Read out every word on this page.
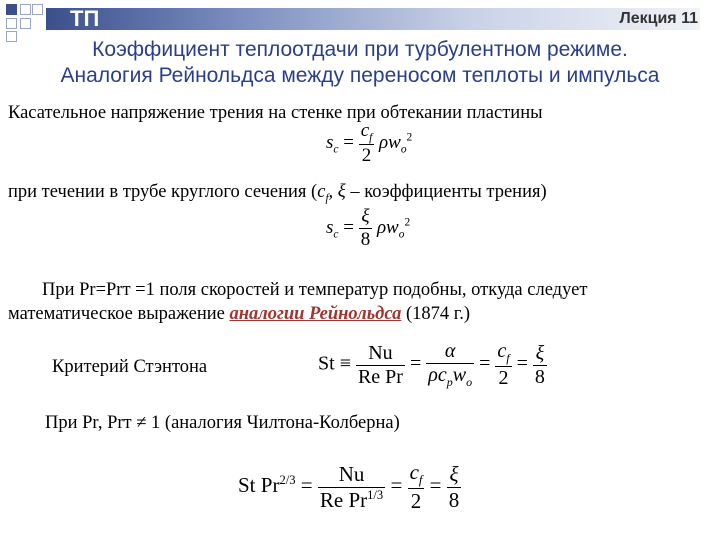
ТП	Лекция 11
Коэффициент теплоотдачи при турбулентном режиме.
Аналогия Рейнольдса между переносом теплоты и импульса
Касательное напряжение трения на стенке при обтекании пластины
$s_c = \frac{c_f}{2} \rho w_o^2$
при течении в трубе круглого сечения ($c_f$, ξ – коэффициенты трения)
$s_c = \frac{\xi}{8} \rho w_o^2$
При Pr=Prт =1 поля скоростей и температур подобны, откуда следует
математическое выражение аналогии Рейнольдса (1874 г.)
Критерий Стэнтона	$St \equiv \frac{Nu}{\text{Re Pr}} = \frac{\alpha}{\rho c_pw_o} = \frac{c_f}{2} = \frac{\xi}{8}$
При Pr, Prт ≠ 1 (аналогия Чилтона-Колберна)
St $Pr^{2/3} = \frac{Nu}{Re Pr^{1/3}} = \frac{c_f}{2} = \frac{\xi}{8}$
